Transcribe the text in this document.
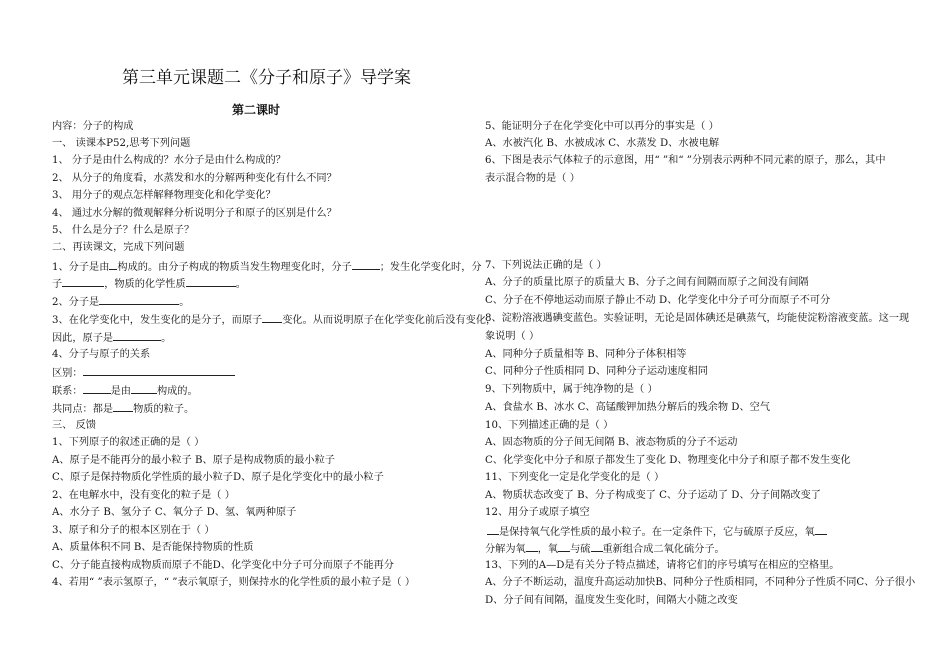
第三单元课题二《分子和原子》导学案
第二课时
内容：分子的构成
一、 读课本P52,思考下列问题
1、 分子是由什么构成的？水分子是由什么构成的？
2、 从分子的角度看，水蒸发和水的分解两种变化有什么不同？
3、 用分子的观点怎样解释物理变化和化学变化？
4、 通过水分解的微观解释分析说明分子和原子的区别是什么？
5、 什么是分子？什么是原子？
二、再读课文，完成下列问题
1、分子是由 构成的。由分子构成的物质当发生物理变化时，分子	；发生化学变化时，分
子	，物质的化学性质	。
2、分子是	。
3、在化学变化中，发生变化的是分子，而原子 变化。从而说明原子在化学变化前后没有变化，
因此，原子是	。
4、分子与原子的关系
区别：
联系：	是由	构成的。
共同点：都是 物质的粒子。
三、 反馈
1、下列原子的叙述正确的是（ ）
A、原子是不能再分的最小粒子 B、原子是构成物质的最小粒子
C、原子是保持物质化学性质的最小粒子D、原子是化学变化中的最小粒子
2、在电解水中，没有变化的粒子是（ ）
A、水分子 B、氢分子 C、氧分子 D、氢、氧两种原子
3、原子和分子的根本区别在于（ ）
A、质量体积不同 B、是否能保持物质的性质
C、分子能直接构成物质而原子不能D、化学变化中分子可分而原子不能再分
4、若用“ ”表示氢原子，“ ”表示氧原子，则保持水的化学性质的最小粒子是（ ）
5、能证明分子在化学变化中可以再分的事实是（ ）
A、水被汽化 B、水被成冰 C、水蒸发 D、水被电解
6、下图是表示气体粒子的示意图，用“ ”和“ ”分别表示两种不同元素的原子，那么，其中
表示混合物的是（ ）
7、下列说法正确的是（ ）
A、分子的质量比原子的质量大 B、分子之间有间隔而原子之间没有间隔
C、分子在不停地运动而原子静止不动 D、化学变化中分子可分而原子不可分
8、淀粉溶液遇碘变蓝色。实验证明，无论是固体碘还是碘蒸气，均能使淀粉溶液变蓝。这一现
象说明（ ）
A、同种分子质量相等 B、同种分子体积相等
C、同种分子性质相同 D、同种分子运动速度相同
9、下列物质中，属于纯净物的是（ ）
A、食盐水 B、冰水 C、高锰酸钾加热分解后的残余物 D、空气
10、下列描述正确的是（ ）
A、固态物质的分子间无间隔 B、液态物质的分子不运动
C、化学变化中分子和原子都发生了变化 D、物理变化中分子和原子都不发生变化
11、下列变化一定是化学变化的是（ ）
A、物质状态改变了 B、分子构成变了 C、分子运动了 D、分子间隔改变了
12、用分子或原子填空
是保持氧气化学性质的最小粒子。在一定条件下，它与硫原子反应，氧
分解为氧 ，氧 与硫 重新组合成二氧化硫分子。
13、下列的A—D是有关分子特点描述，请将它们的序号填写在相应的空格里。
A、分子不断运动，温度升高运动加快B、同种分子性质相同，不同种分子性质不同C、分子很小
D、分子间有间隔，温度发生变化时，间隔大小随之改变
